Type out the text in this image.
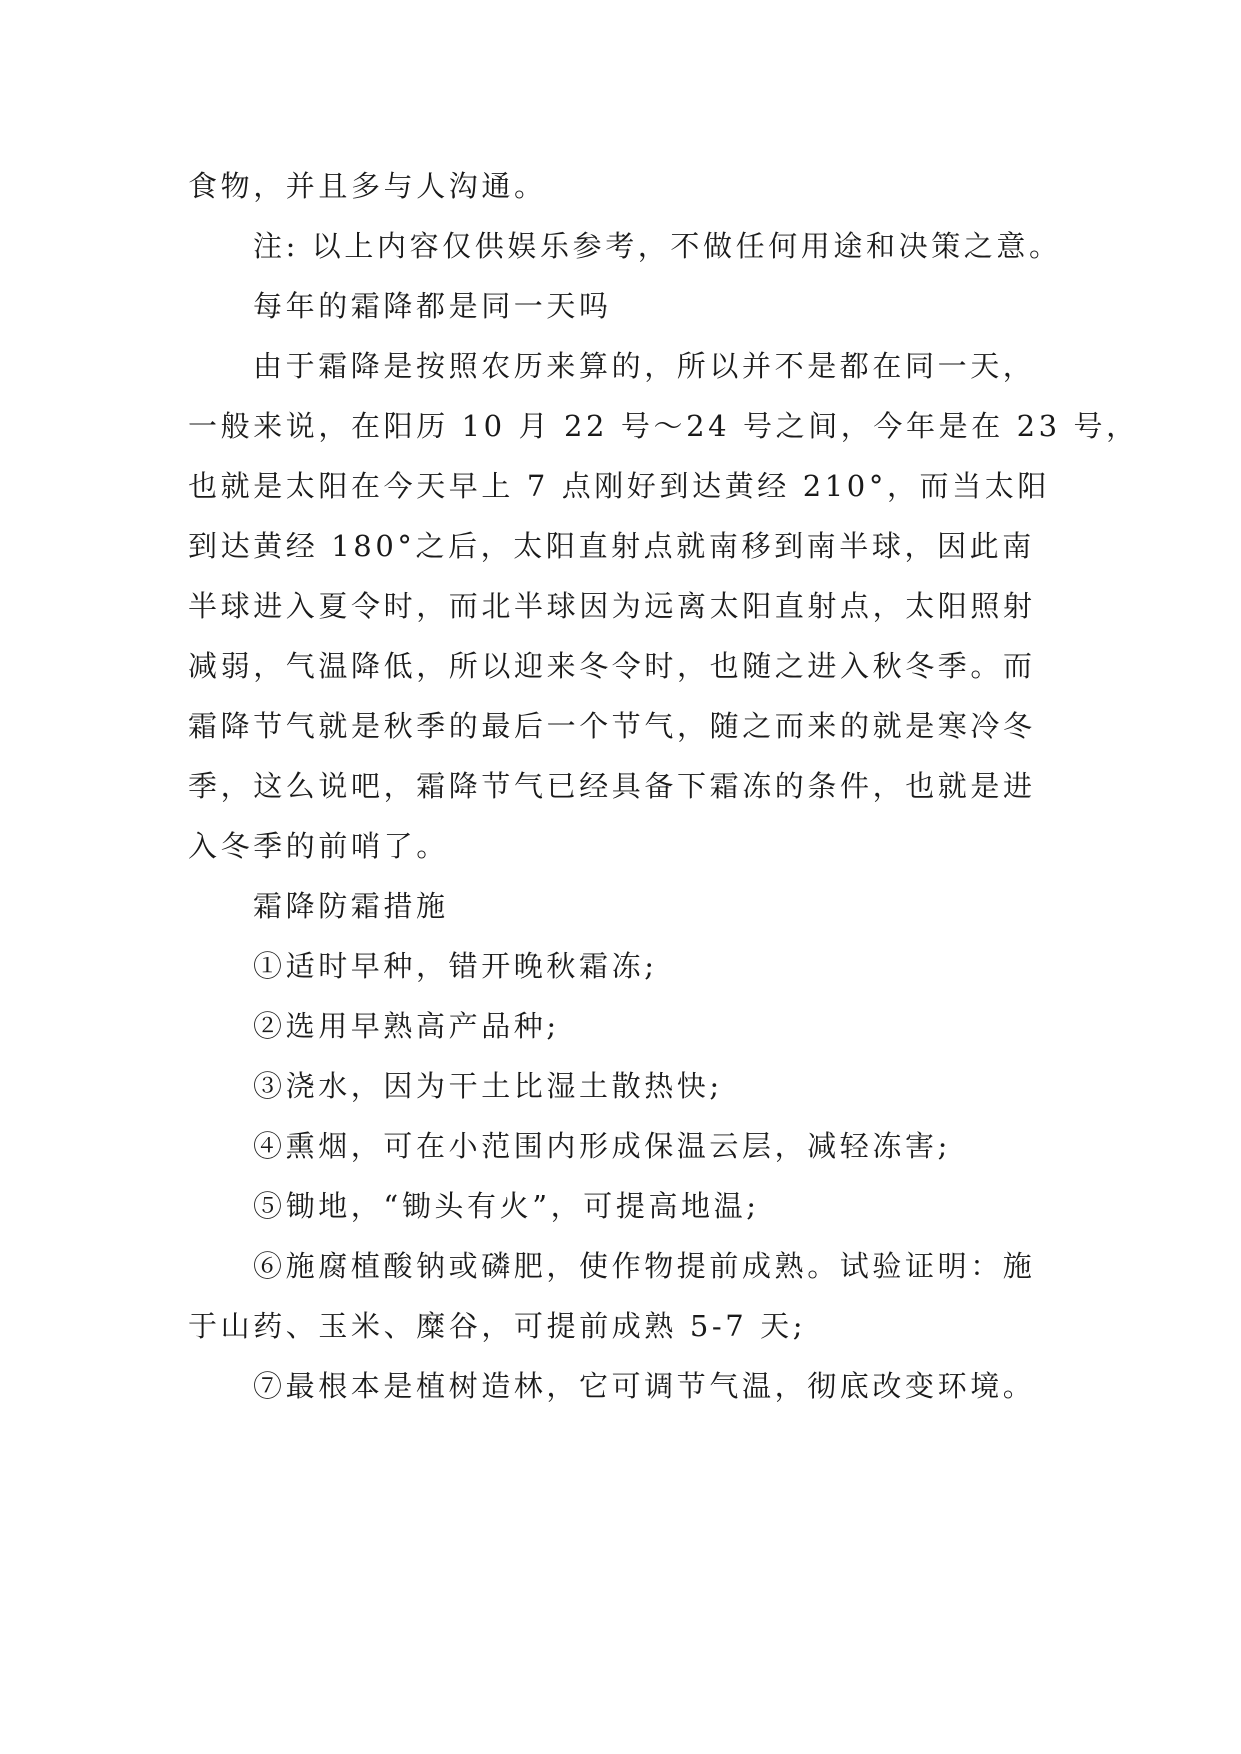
食物，并且多与人沟通。

注: 以上内容仅供娱乐参考，不做任何用途和决策之意。

每年的霜降都是同一天吗

由于霜降是按照农历来算的，所以并不是都在同一天，

一般来说，在阳历 10 月 22 号～24 号之间，今年是在 23 号，

也就是太阳在今天早上 7 点刚好到达黄经 210°，而当太阳

到达黄经 180°之后，太阳直射点就南移到南半球，因此南

半球进入夏令时，而北半球因为远离太阳直射点，太阳照射

减弱，气温降低，所以迎来冬令时，也随之进入秋冬季。而

霜降节气就是秋季的最后一个节气，随之而来的就是寒冷冬

季，这么说吧，霜降节气已经具备下霜冻的条件，也就是进

入冬季的前哨了。

霜降防霜措施

①适时早种，错开晚秋霜冻;

②选用早熟高产品种;

③浇水，因为干土比湿土散热快;

④熏烟，可在小范围内形成保温云层，减轻冻害;

⑤锄地，“锄头有火”，可提高地温;

⑥施腐植酸钠或磷肥，使作物提前成熟。试验证明：施

于山药、玉米、糜谷，可提前成熟 5-7 天;

⑦最根本是植树造林，它可调节气温，彻底改变环境。
